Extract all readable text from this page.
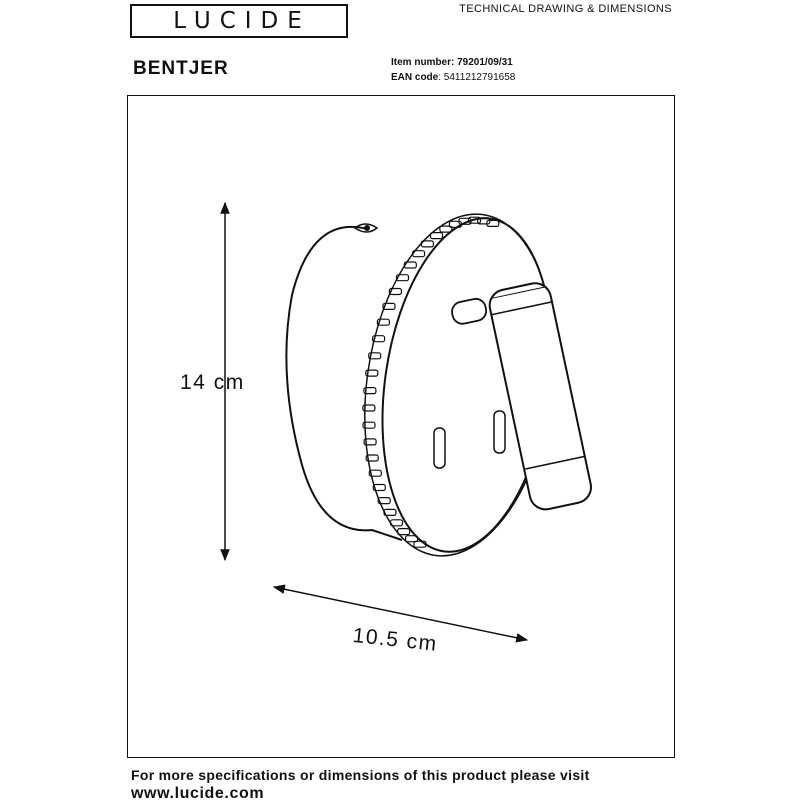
LUCIDE	TECHNICAL DRAWING & DIMENSIONS
BENTJER	Item number: 79201/09/31
EAN code: 5411212791658
14 cm
10.5 cm
For more specifications or dimensions of this product please visit
www.lucide.com
